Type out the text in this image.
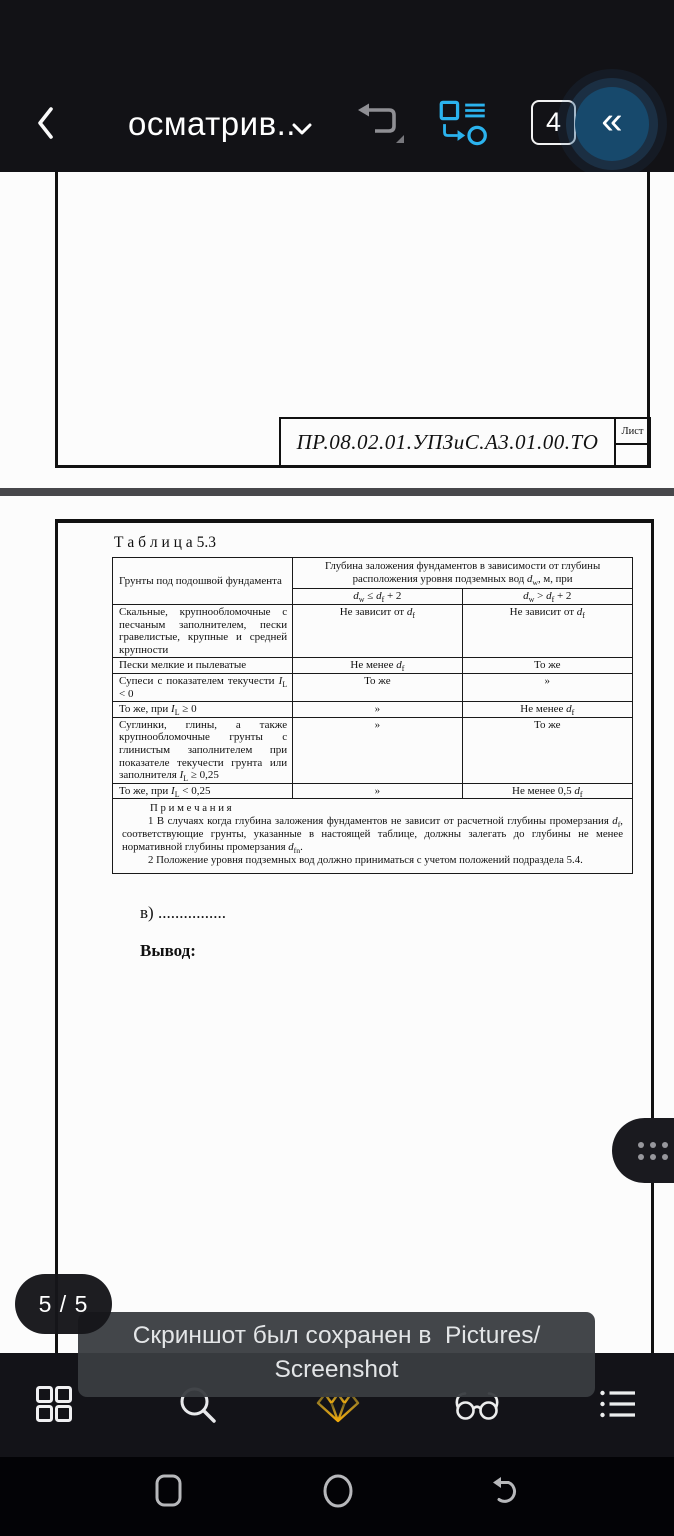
осматрив..	4 «
ПР.08.02.01.УПЗиС.А3.01.00.ТО	Лист
Т а б л и ц а 5.3
Грунты под подошвой фундамента	Глубина заложения фундаментов в зависимости от глубины расположения уровня подземных вод $d_w$, м, при	
	$d_w \le d_f + 2$	$d_w > d_f + 2$
Скальные, крупнообломочные с песчаным заполнителем, пески гравелистые, крупные и средней крупности	Не зависит от $d_f$	Не зависит от $d_f$
Пески мелкие и пылеватые	Не менее $d_f$	То же
Супеси с показателем текучести $I_L < 0$	То же	»
То же, при $I_L \ge 0$	»	Не менее $d_f$
Суглинки, глины, а также крупнообломочные грунты с глинистым заполнителем при показателе текучести грунта или заполнителя $I_L \ge 0,25$	»	То же
То же, при $I_L < 0,25$	»	Не менее 0,5 $d_f$

П р и м е ч а н и я

1 В случаях когда глубина заложения фундаментов не зависит от расчетной глубины промерзания $d_f$, соответствующие грунты, указанные в настоящей таблице, должны залегать до глубины не менее нормативной глубины промерзания $d_{fn}$.

2 Положение уровня подземных вод должно приниматься с учетом положений подраздела 5.4.		

в) ................
Вывод:
5 / 5
Скриншот был сохранен в  Pictures/
Screenshot
